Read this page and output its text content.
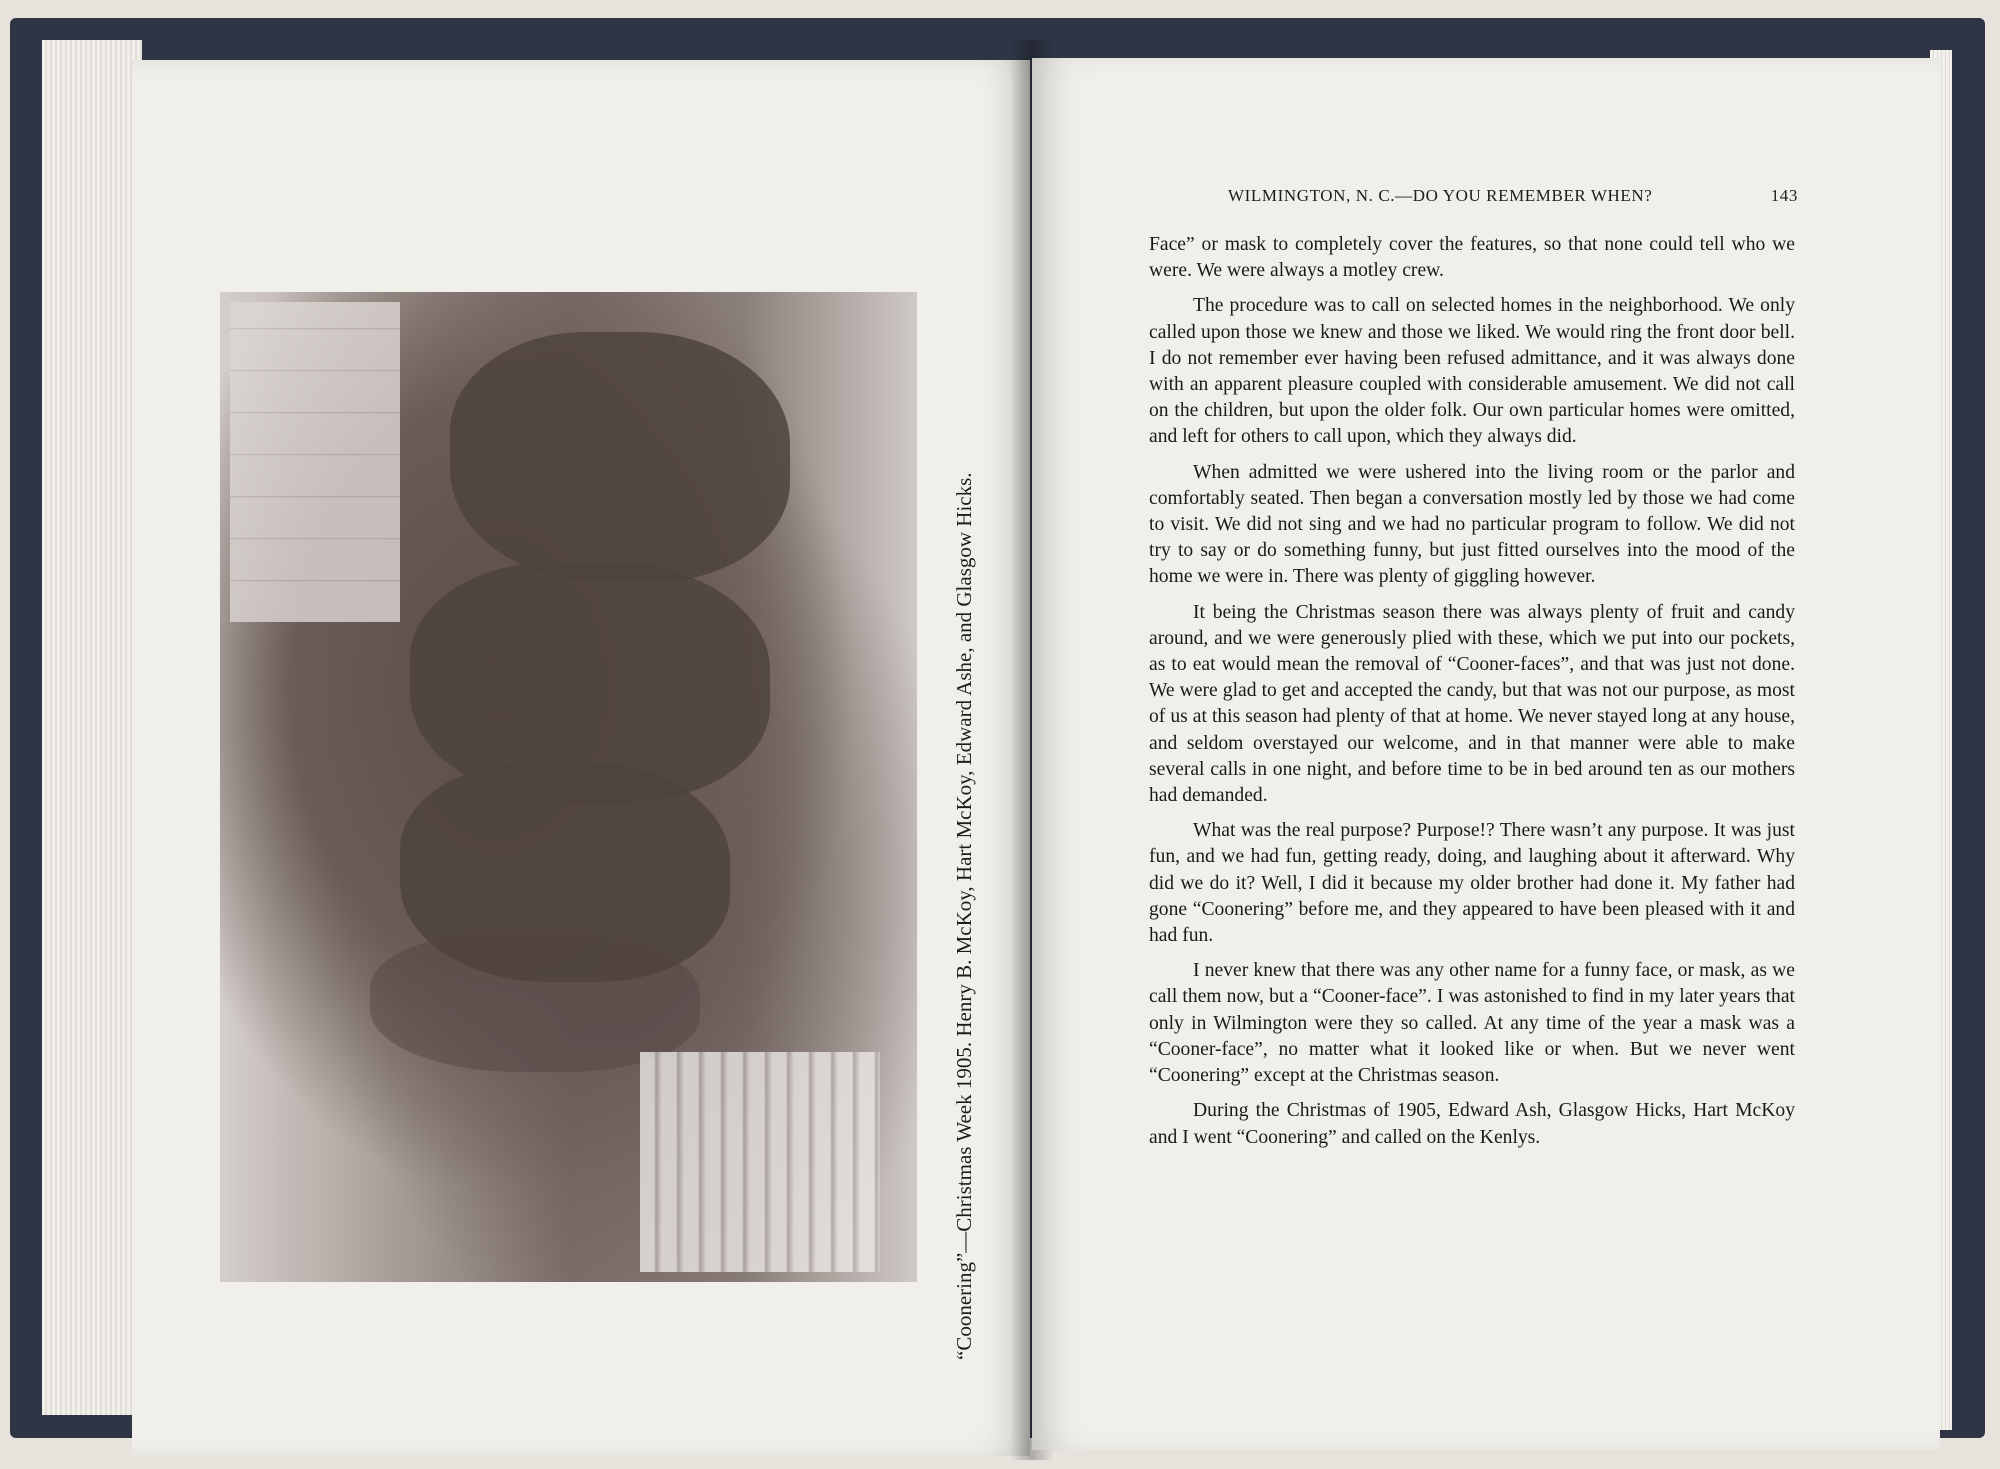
“Coonering”—Christmas Week 1905. Henry B. McKoy, Hart McKoy, Edward Ashe, and Glasgow Hicks.
WILMINGTON, N. C.—DO YOU REMEMBER WHEN?	143

Face” or mask to completely cover the features, so that none could tell who we were. We were always a motley crew.

The procedure was to call on selected homes in the neighborhood. We only called upon those we knew and those we liked. We would ring the front door bell. I do not remember ever having been refused admittance, and it was always done with an apparent pleasure coupled with considerable amusement. We did not call on the children, but upon the older folk. Our own particular homes were omitted, and left for others to call upon, which they always did.

When admitted we were ushered into the living room or the parlor and comfortably seated. Then began a conversation mostly led by those we had come to visit. We did not sing and we had no particular program to follow. We did not try to say or do something funny, but just fitted ourselves into the mood of the home we were in. There was plenty of giggling however.

It being the Christmas season there was always plenty of fruit and candy around, and we were generously plied with these, which we put into our pockets, as to eat would mean the removal of “Cooner-faces”, and that was just not done. We were glad to get and accepted the candy, but that was not our purpose, as most of us at this season had plenty of that at home. We never stayed long at any house, and seldom overstayed our welcome, and in that manner were able to make several calls in one night, and before time to be in bed around ten as our mothers had demanded.

What was the real purpose? Purpose!? There wasn’t any purpose. It was just fun, and we had fun, getting ready, doing, and laughing about it afterward. Why did we do it? Well, I did it because my older brother had done it. My father had gone “Coonering” before me, and they appeared to have been pleased with it and had fun.

I never knew that there was any other name for a funny face, or mask, as we call them now, but a “Cooner-face”. I was astonished to find in my later years that only in Wilmington were they so called. At any time of the year a mask was a “Cooner-face”, no matter what it looked like or when. But we never went “Coonering” except at the Christmas season.

During the Christmas of 1905, Edward Ash, Glasgow Hicks, Hart McKoy and I went “Coonering” and called on the Kenlys.
